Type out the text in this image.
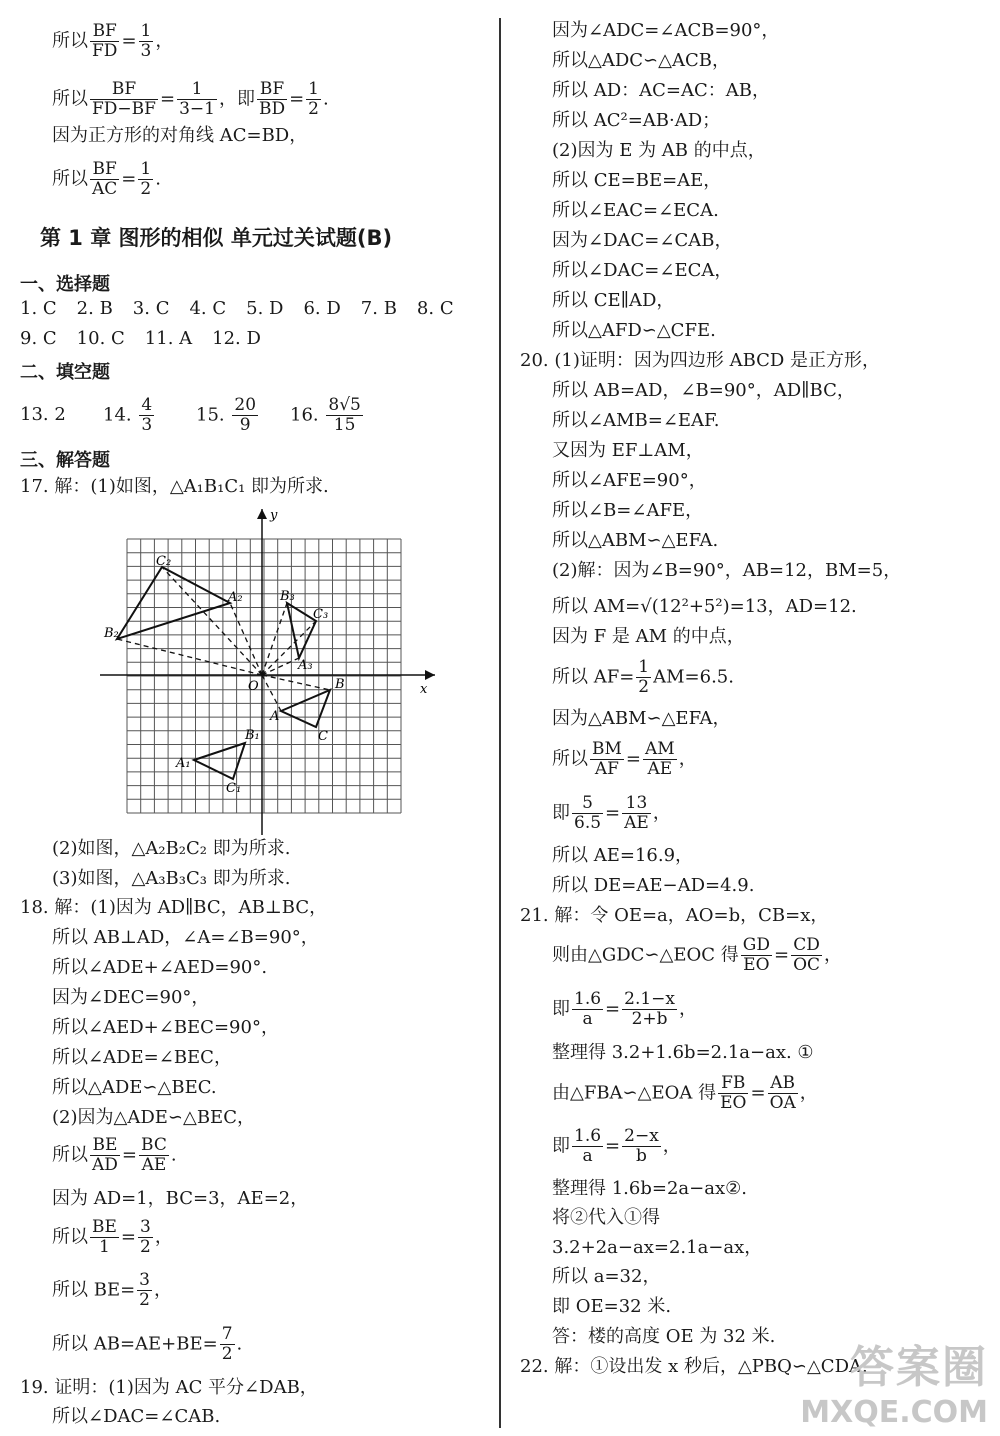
所以 $\frac{BF}{FD} = \frac{1}{3}$ ，
所以 $\frac{BF}{FD-BF} = \frac{1}{3-1}$ ，即 $\frac{BF}{BD} = \frac{1}{2}$ .
因为正方形的对角线 AC=BD，
所以 $\frac{BF}{AC} = \frac{1}{2}$ .
第 1 章 图形的相似 单元过关试题(B)
一、选择题
1. C 2. B 3. C 4. C 5. D 6. D 7. B 8. C
9. C 10. C 11. A 12. D
二、填空题
13. 2 14. $\frac{4}{3} 15$. $\frac{20}{9} 16$. $\frac{8√5}{15}$
三、解答题
17. 解：(1)如图，△A₁B₁C₁ 即为所求.
x
y
O
A
B
C
A₁
B₁
C₁
A₂
B₂
C₂
A₃
B₃
C₃
(2)如图，△A₂B₂C₂ 即为所求.
(3)如图，△A₃B₃C₃ 即为所求.
18. 解：(1)因为 AD∥BC，AB⊥BC，
所以 AB⊥AD，∠A=∠B=90°，
所以∠ADE+∠AED=90°.
因为∠DEC=90°，
所以∠AED+∠BEC=90°，
所以∠ADE=∠BEC，
所以△ADE∽△BEC.
(2)因为△ADE∽△BEC，
所以 $\frac{BE}{AD} = \frac{BC}{AE}$ .
因为 AD=1，BC=3，AE=2，
所以 $\frac{BE}{1} = \frac{3}{2}$ ，
所以 $BE= \frac{3}{2}$ ，
所以 $AB=AE+BE= \frac{7}{2}$ .
19. 证明：(1)因为 AC 平分∠DAB，
所以∠DAC=∠CAB.
因为∠ADC=∠ACB=90°，
所以△ADC∽△ACB，
所以 AD：AC=AC：AB，
所以 AC²=AB·AD；
(2)因为 E 为 AB 的中点，
所以 CE=BE=AE，
所以∠EAC=∠ECA.
因为∠DAC=∠CAB，
所以∠DAC=∠ECA，
所以 CE∥AD，
所以△AFD∽△CFE.
20. (1)证明：因为四边形 ABCD 是正方形，
所以 AB=AD，∠B=90°，AD∥BC，
所以∠AMB=∠EAF.
又因为 EF⊥AM，
所以∠AFE=90°，
所以∠B=∠AFE，
所以△ABM∽△EFA.
(2)解：因为∠B=90°，AB=12，BM=5，
所以 AM=√(12²+5²)=13，AD=12.
因为 F 是 AM 的中点，
所以 $AF= \frac{1}{2} AM=6.5$.
因为△ABM∽△EFA，
所以 $\frac{BM}{AF} = \frac{AM}{AE}$ ，
即 $\frac{5}{6.5} = \frac{13}{AE}$ ，
所以 AE=16.9，
所以 DE=AE−AD=4.9.
21. 解：令 OE=a，AO=b，CB=x，
则由△GDC∽△EOC 得 $\frac{GD}{EO} = \frac{CD}{OC}$ ，
即 $\frac{1.6}{a} = \frac{2.1-x}{2+b}$ ，
整理得 3.2+1.6b=2.1a−ax. ①
由△FBA∽△EOA 得 $\frac{FB}{EO} = \frac{AB}{OA}$ ，
即 $\frac{1.6}{a} = \frac{2-x}{b}$ ，
整理得 1.6b=2a−ax②.
将②代入①得
3.2+2a−ax=2.1a−ax，
所以 a=32，
即 OE=32 米.
答：楼的高度 OE 为 32 米.
22. 解：①设出发 x 秒后，△PBQ∽△CDA.
答案圈
MXQE.COM
